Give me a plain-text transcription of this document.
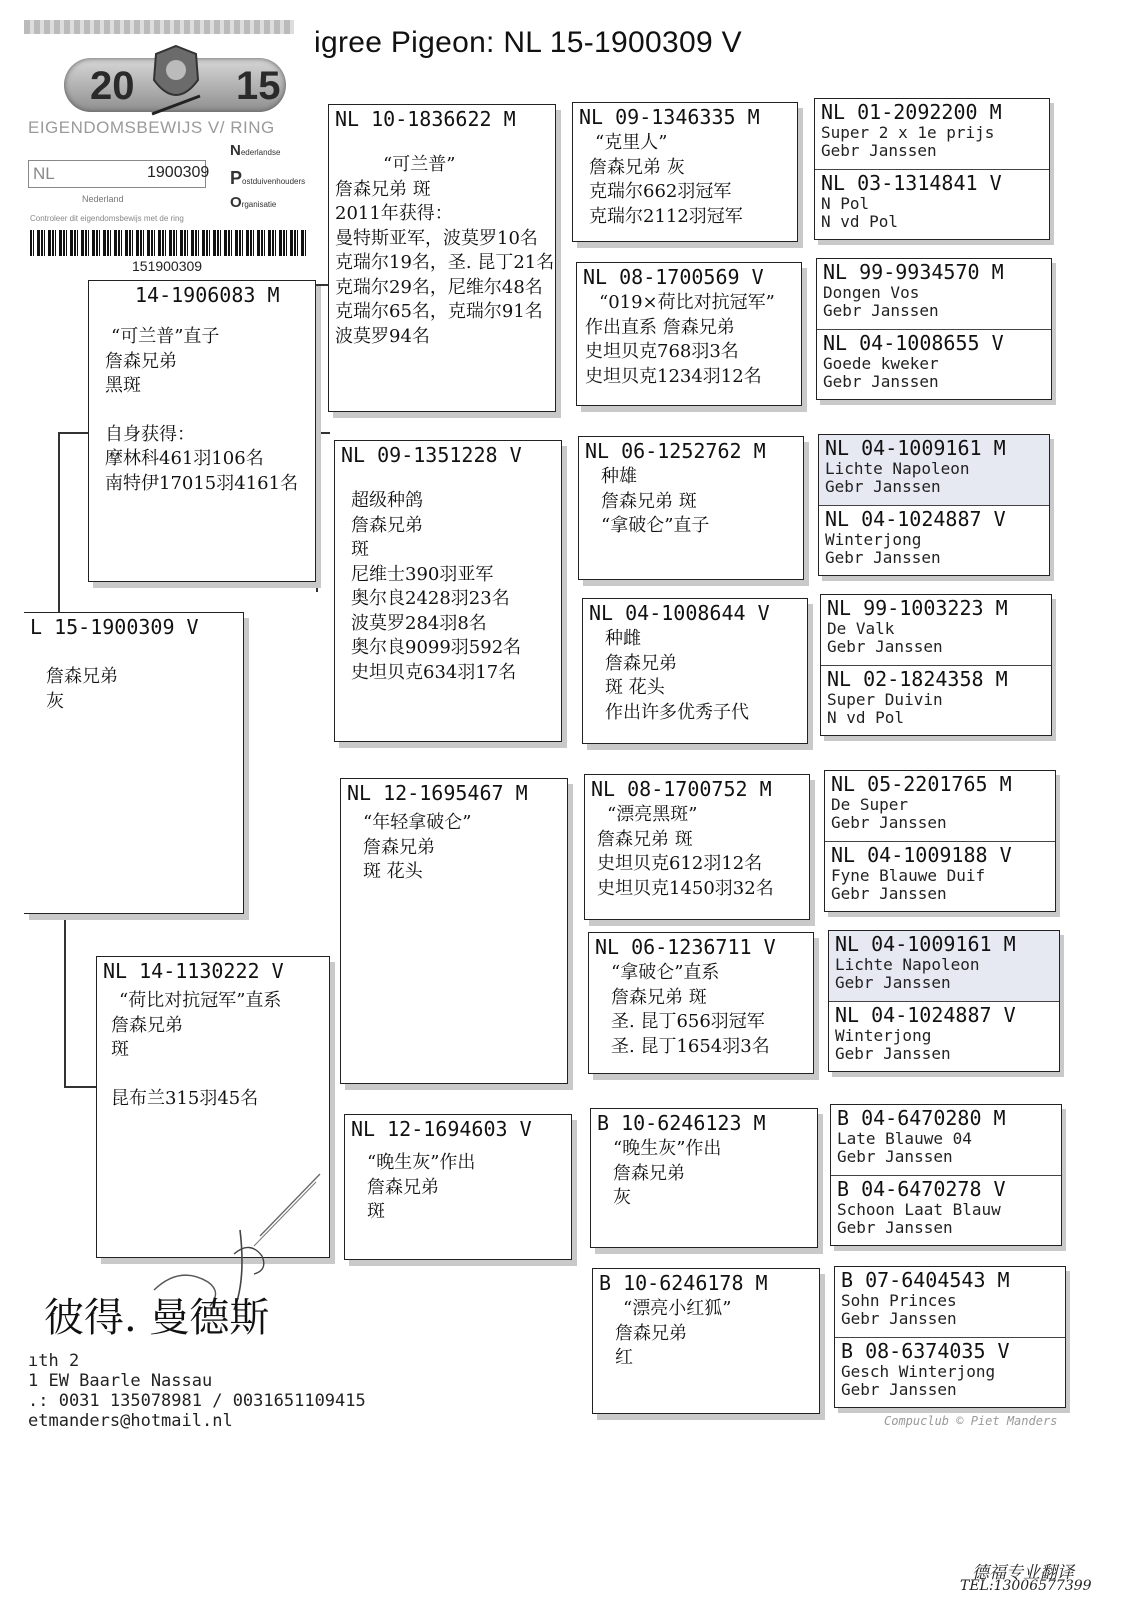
igree Pigeon: NL 15-1900309 V
20	15
EIGENDOMSBEWIJS V/ RING
NL	1900309
Nederlandse
Postduivenhouders
Organisatie
Nederland
Controleer dit eigendomsbewijs met de ring
151900309
L 15-1900309 V
詹森兄弟
灰
14-1906083 M
“可兰普”直子
詹森兄弟
黑斑
自身获得：
摩林科461羽106名
南特伊17015羽4161名
NL 14-1130222 V
“荷比对抗冠军”直系
詹森兄弟
斑
昆布兰315羽45名
NL 10-1836622 M
“可兰普”
詹森兄弟 斑
2011年获得：
曼特斯亚军，波莫罗10名
克瑞尔19名，圣. 昆丁21名
克瑞尔29名，尼维尔48名
克瑞尔65名，克瑞尔91名
波莫罗94名
NL 09-1351228 V
超级种鸽
詹森兄弟
斑
尼维士390羽亚军
奥尔良2428羽23名
波莫罗284羽8名
奥尔良9099羽592名
史坦贝克634羽17名
NL 12-1695467 M
“年轻拿破仑”
詹森兄弟
斑 花头
NL 12-1694603 V
“晚生灰”作出
詹森兄弟
斑
NL 09-1346335 M
“克里人”
詹森兄弟 灰
克瑞尔662羽冠军
克瑞尔2112羽冠军
NL 08-1700569 V
“019×荷比对抗冠军”
作出直系 詹森兄弟
史坦贝克768羽3名
史坦贝克1234羽12名
NL 06-1252762 M
种雄
詹森兄弟 斑
“拿破仑”直子
NL 04-1008644 V
种雌
詹森兄弟
斑 花头
作出许多优秀子代
NL 08-1700752 M
“漂亮黑斑”
詹森兄弟 斑
史坦贝克612羽12名
史坦贝克1450羽32名
NL 06-1236711 V
“拿破仑”直系
詹森兄弟 斑
圣. 昆丁656羽冠军
圣. 昆丁1654羽3名
B 10-6246123 M
“晚生灰”作出
詹森兄弟
灰
B 10-6246178 M
“漂亮小红狐”
詹森兄弟
红
NL 01-2092200 M
Super 2 x 1e prijs
Gebr Janssen
NL 03-1314841 V
N Pol
N vd Pol
NL 99-9934570 M
Dongen Vos
Gebr Janssen
NL 04-1008655 V
Goede kweker
Gebr Janssen
NL 04-1009161 M
Lichte Napoleon
Gebr Janssen
NL 04-1024887 V
Winterjong
Gebr Janssen
NL 99-1003223 M
De Valk
Gebr Janssen
NL 02-1824358 M
Super Duivin
N vd Pol
NL 05-2201765 M
De Super
Gebr Janssen
NL 04-1009188 V
Fyne Blauwe Duif
Gebr Janssen
NL 04-1009161 M
Lichte Napoleon
Gebr Janssen
NL 04-1024887 V
Winterjong
Gebr Janssen
B 04-6470280 M
Late Blauwe 04
Gebr Janssen
B 04-6470278 V
Schoon Laat Blauw
Gebr Janssen
B 07-6404543 M
Sohn Princes
Gebr Janssen
B 08-6374035 V
Gesch Winterjong
Gebr Janssen
彼得. 曼德斯
ıth 2
1 EW Baarle Nassau
.: 0031 135078981 / 0031651109415
etmanders@hotmail.nl	Compuclub © Piet Manders
德福专业翻译
TEL:13006577399
